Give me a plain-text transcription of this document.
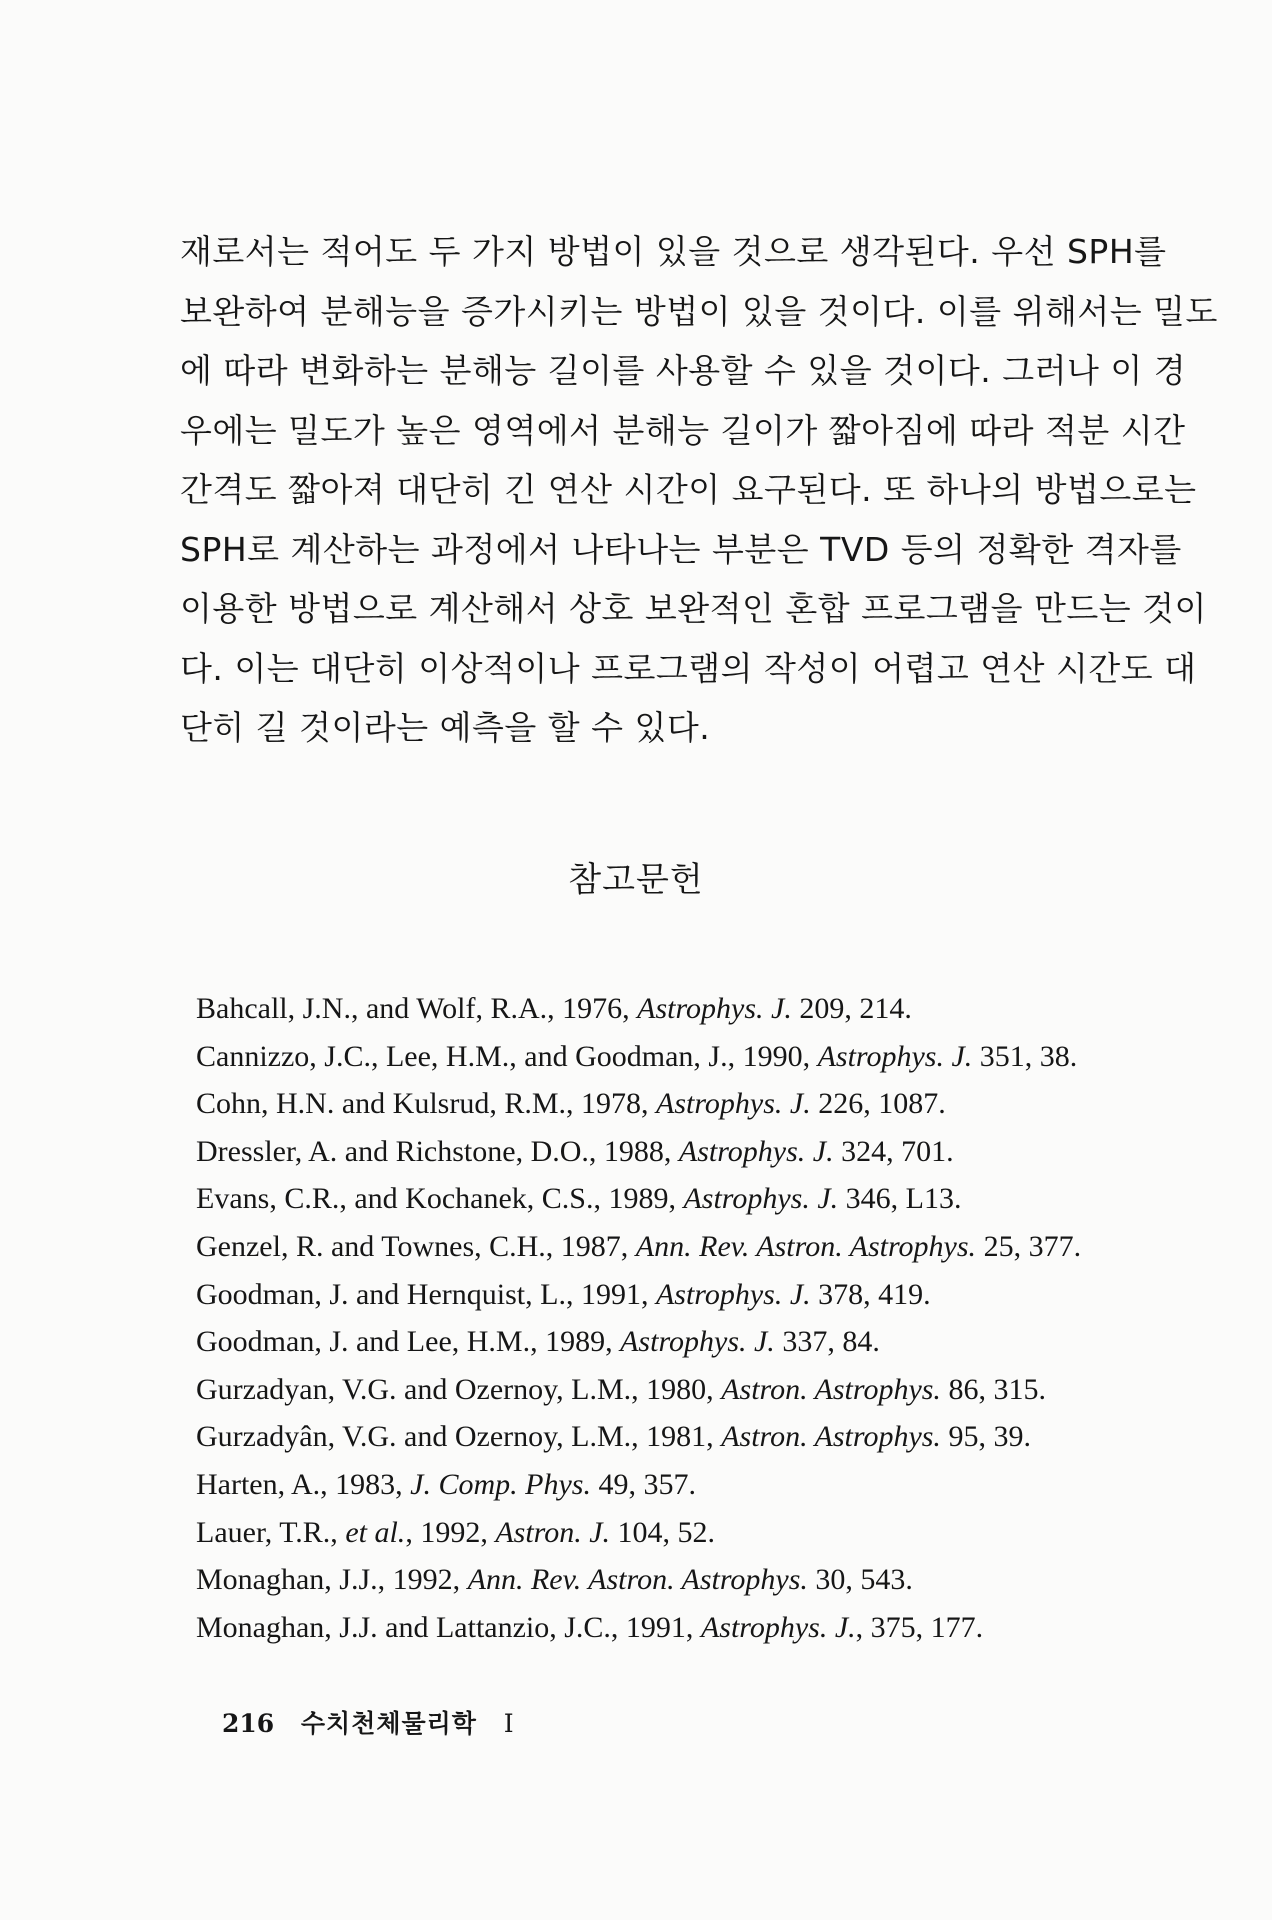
재로서는 적어도 두 가지 방법이 있을 것으로 생각된다. 우선 SPH를
보완하여 분해능을 증가시키는 방법이 있을 것이다. 이를 위해서는 밀도
에 따라 변화하는 분해능 길이를 사용할 수 있을 것이다. 그러나 이 경
우에는 밀도가 높은 영역에서 분해능 길이가 짧아짐에 따라 적분 시간
간격도 짧아져 대단히 긴 연산 시간이 요구된다. 또 하나의 방법으로는
SPH로 계산하는 과정에서 나타나는 부분은 TVD 등의 정확한 격자를
이용한 방법으로 계산해서 상호 보완적인 혼합 프로그램을 만드는 것이
다. 이는 대단히 이상적이나 프로그램의 작성이 어렵고 연산 시간도 대
단히 길 것이라는 예측을 할 수 있다.
참고문헌
Bahcall, J.N., and Wolf, R.A., 1976, Astrophys. J. 209, 214.
Cannizzo, J.C., Lee, H.M., and Goodman, J., 1990, Astrophys. J. 351, 38.
Cohn, H.N. and Kulsrud, R.M., 1978, Astrophys. J. 226, 1087.
Dressler, A. and Richstone, D.O., 1988, Astrophys. J. 324, 701.
Evans, C.R., and Kochanek, C.S., 1989, Astrophys. J. 346, L13.
Genzel, R. and Townes, C.H., 1987, Ann. Rev. Astron. Astrophys. 25, 377.
Goodman, J. and Hernquist, L., 1991, Astrophys. J. 378, 419.
Goodman, J. and Lee, H.M., 1989, Astrophys. J. 337, 84.
Gurzadyan, V.G. and Ozernoy, L.M., 1980, Astron. Astrophys. 86, 315.
Gurzadyân, V.G. and Ozernoy, L.M., 1981, Astron. Astrophys. 95, 39.
Harten, A., 1983, J. Comp. Phys. 49, 357.
Lauer, T.R., et al., 1992, Astron. J. 104, 52.
Monaghan, J.J., 1992, Ann. Rev. Astron. Astrophys. 30, 543.
Monaghan, J.J. and Lattanzio, J.C., 1991, Astrophys. J., 375, 177.
216 수치천체물리학 I
